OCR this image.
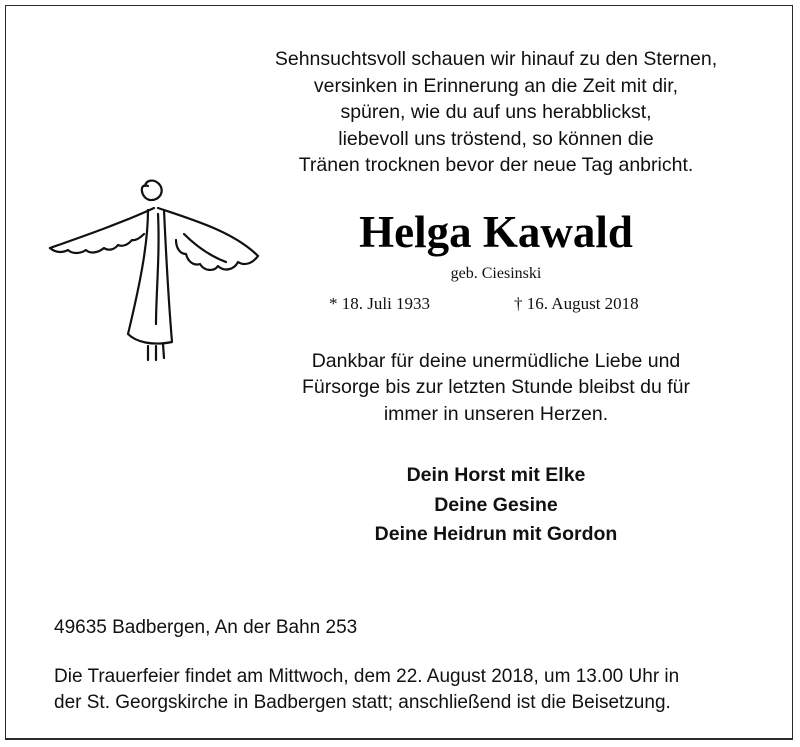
Sehnsuchtsvoll schauen wir hinauf zu den Sternen,
versinken in Erinnerung an die Zeit mit dir,
spüren, wie du auf uns herabblickst,
liebevoll uns tröstend, so können die
Tränen trocknen bevor der neue Tag anbricht.
Helga Kawald
geb. Ciesinski
* 18. Juli 1933	† 16. August 2018
Dankbar für deine unermüdliche Liebe und
Fürsorge bis zur letzten Stunde bleibst du für
immer in unseren Herzen.
Dein Horst mit Elke
Deine Gesine
Deine Heidrun mit Gordon
49635 Badbergen, An der Bahn 253
Die Trauerfeier findet am Mittwoch, dem 22. August 2018, um 13.00 Uhr in
der St. Georgskirche in Badbergen statt; anschließend ist die Beisetzung.
